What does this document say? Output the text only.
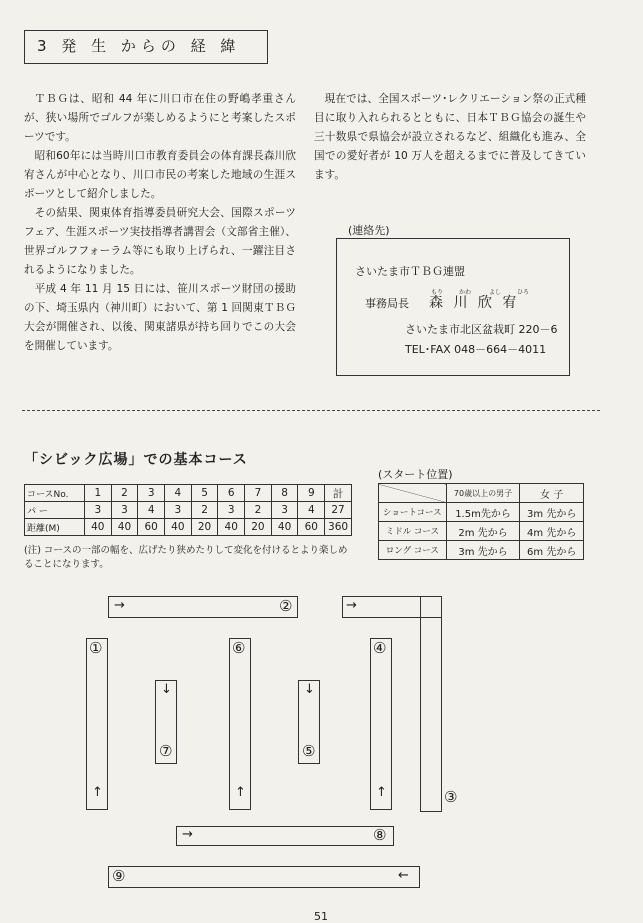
3 発 生 からの 経 緯

ＴＢＧは、昭和 44 年に川口市在住の野嶋孝重さんが、狭い場所でゴルフが楽しめるようにと考案したスポーツです。

昭和60年には当時川口市教育委員会の体育課長森川欣宥さんが中心となり、川口市民の考案した地域の生涯スポーツとして紹介しました。

その結果、関東体育指導委員研究大会、国際スポーツフェア、生涯スポーツ実技指導者講習会（文部省主催）、世界ゴルフフォーラム等にも取り上げられ、一躍注目されるようになりました。

平成 4 年 11 月 15 日には、笹川スポーツ財団の援助の下、埼玉県内（神川町）において、第 1 回関東ＴＢＧ大会が開催され、以後、関東諸県が持ち回りでこの大会を開催しています。

現在では、全国スポーツ･レクリエーション祭の正式種目に取り入れられるとともに、日本ＴＢＧ協会の誕生や三十数県で県協会が設立されるなど、組織化も進み、全国での愛好者が 10 万人を超えるまでに普及してきています。

(連絡先)
さいたま市ＴＢＧ連盟
もり	かわ	よし	ひろ
事務局長 森 川 欣 宥
さいたま市北区盆栽町 220－6
TEL･FAX 048－664－4011
「シビック広場」での基本コース
コースNo.	1	2	3	4	5	6	7	8	9	計
パ ー	3	3	4	3	2	3	2	3	4	27
距離(M)	40	40	60	40	20	40	20	40	60	360
(注) コースの一部の幅を、広げたり狭めたりして変化を付けるとより楽しめることになります。
(スタート位置)
	70歳以上の男子	女 子
ショートコース	1.5m先から	3m 先から
ミドル コース	2m 先から	4m 先から
ロング コース	3m 先から	6m 先から
→	②	→
③
①
↑
↓
⑦
⑥
↑
↓
⑤
④
↑
→	⑧
⑨	←
51
